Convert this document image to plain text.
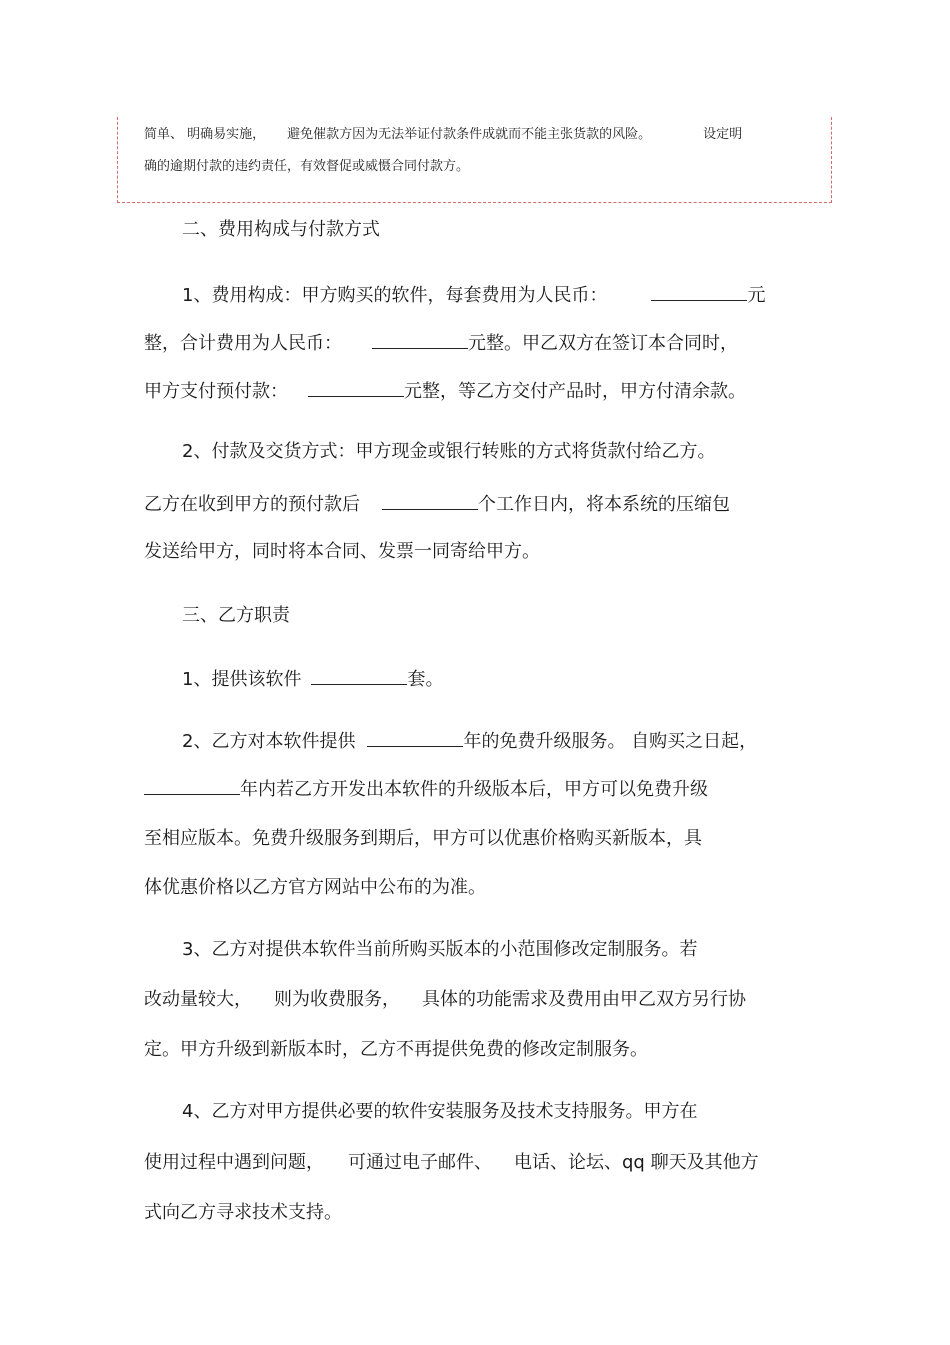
简单、 明确易实施， 避免催款方因为无法举证付款条件成就而不能主张货款的风险。	设定明
确的逾期付款的违约责任，有效督促或威慑合同付款方。
二、费用构成与付款方式
1、费用构成：甲方购买的软件，每套费用为人民币：	元
整，合计费用为人民币：	元整。甲乙双方在签订本合同时，
甲方支付预付款：	元整，等乙方交付产品时，甲方付清余款。
2、付款及交货方式：甲方现金或银行转账的方式将货款付给乙方。
乙方在收到甲方的预付款后	个工作日内，将本系统的压缩包
发送给甲方，同时将本合同、发票一同寄给甲方。
三、乙方职责
1、提供该软件	套。
2、乙方对本软件提供	年的免费升级服务。 自购买之日起，
年内若乙方开发出本软件的升级版本后，甲方可以免费升级
至相应版本。免费升级服务到期后，甲方可以优惠价格购买新版本，具
体优惠价格以乙方官方网站中公布的为准。
3、乙方对提供本软件当前所购买版本的小范围修改定制服务。若
改动量较大， 则为收费服务， 具体的功能需求及费用由甲乙双方另行协
定。甲方升级到新版本时，乙方不再提供免费的修改定制服务。
4、乙方对甲方提供必要的软件安装服务及技术支持服务。甲方在
使用过程中遇到问题， 可通过电子邮件、 电话、论坛、qq 聊天及其他方
式向乙方寻求技术支持。
